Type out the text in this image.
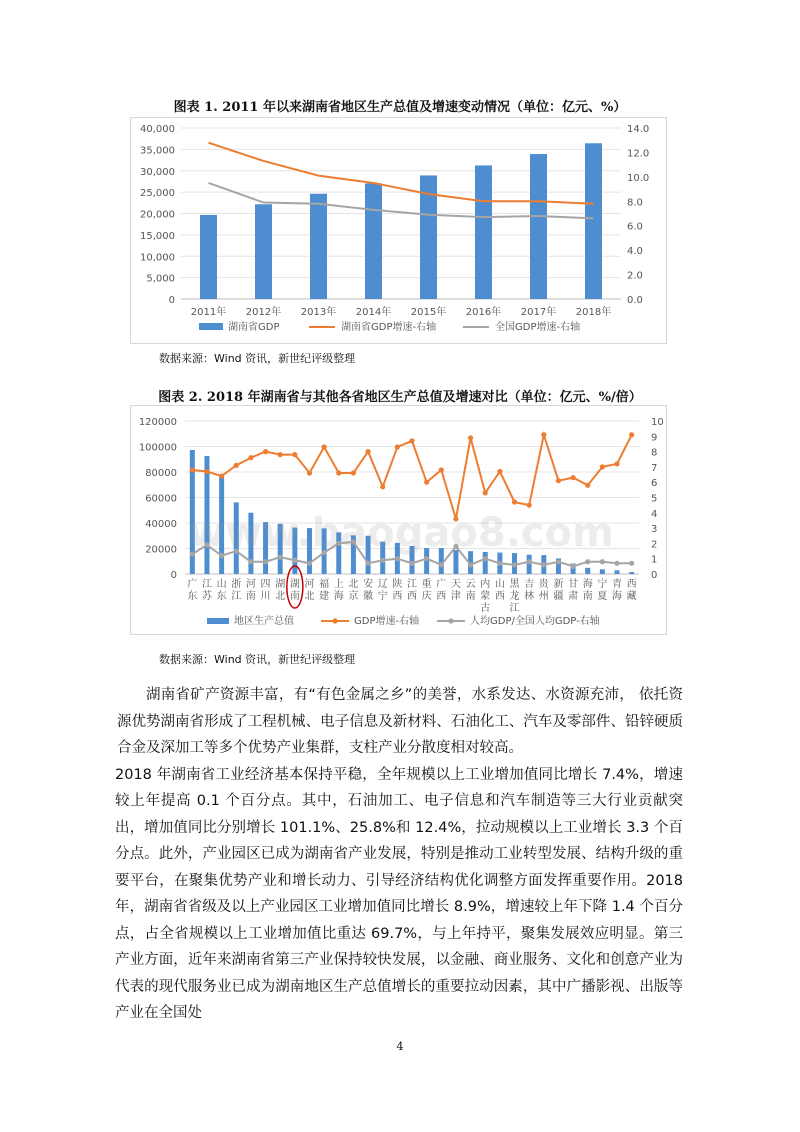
图表 1. 2011 年以来湖南省地区生产总值及增速变动情况（单位：亿元、%）
0
5,000
10,000
15,000
20,000
25,000
30,000
35,000
40,000
0.0
2.0
4.0
6.0
8.0
10.0
12.0
14.0
2011年 2012年 2013年 2014年 2015年 2016年 2017年 2018年
湖南省GDP	湖南省GDP增速-右轴	全国GDP增速-右轴
数据来源：Wind 资讯，新世纪评级整理
图表 2. 2018 年湖南省与其他各省地区生产总值及增速对比（单位：亿元、%/倍）
0
20000
40000
60000
80000
100000
120000
0
1
2
3
4
5
6
7
8
9
10
广
东
江
苏
山
东
浙
江
河
南
四
川
湖
北
湖
南
河
北
福
建
上
海
北
京
安
徽
辽
宁
陕
西
江
西
重
庆
广
西
天
津
云
南
内
蒙
古
山
西
黑
龙
江
吉
林
贵
州
新
疆
甘
肃
海
南
宁
夏
青
海
西
藏
地区生产总值	GDP增速-右轴	人均GDP/全国人均GDP-右轴
www.baogao8.com
数据来源：Wind 资讯，新世纪评级整理

湖南省矿产资源丰富，有“有色金属之乡”的美誉，水系发达、水资源充沛， 依托资源优势湖南省形成了工程机械、电子信息及新材料、石油化工、汽车及零部件、铅锌硬质合金及深加工等多个优势产业集群，支柱产业分散度相对较高。

2018 年湖南省工业经济基本保持平稳，全年规模以上工业增加值同比增长 7.4%，增速较上年提高 0.1 个百分点。其中，石油加工、电子信息和汽车制造等三大行业贡献突出，增加值同比分别增长 101.1%、25.8%和 12.4%，拉动规模以上工业增长 3.3 个百分点。此外，产业园区已成为湖南省产业发展，特别是推动工业转型发展、结构升级的重要平台，在聚集优势产业和增长动力、引导经济结构优化调整方面发挥重要作用。2018 年，湖南省省级及以上产业园区工业增加值同比增长 8.9%，增速较上年下降 1.4 个百分点，占全省规模以上工业增加值比重达 69.7%，与上年持平，聚集发展效应明显。第三产业方面，近年来湖南省第三产业保持较快发展，以金融、商业服务、文化和创意产业为代表的现代服务业已成为湖南地区生产总值增长的重要拉动因素，其中广播影视、出版等产业在全国处

4
